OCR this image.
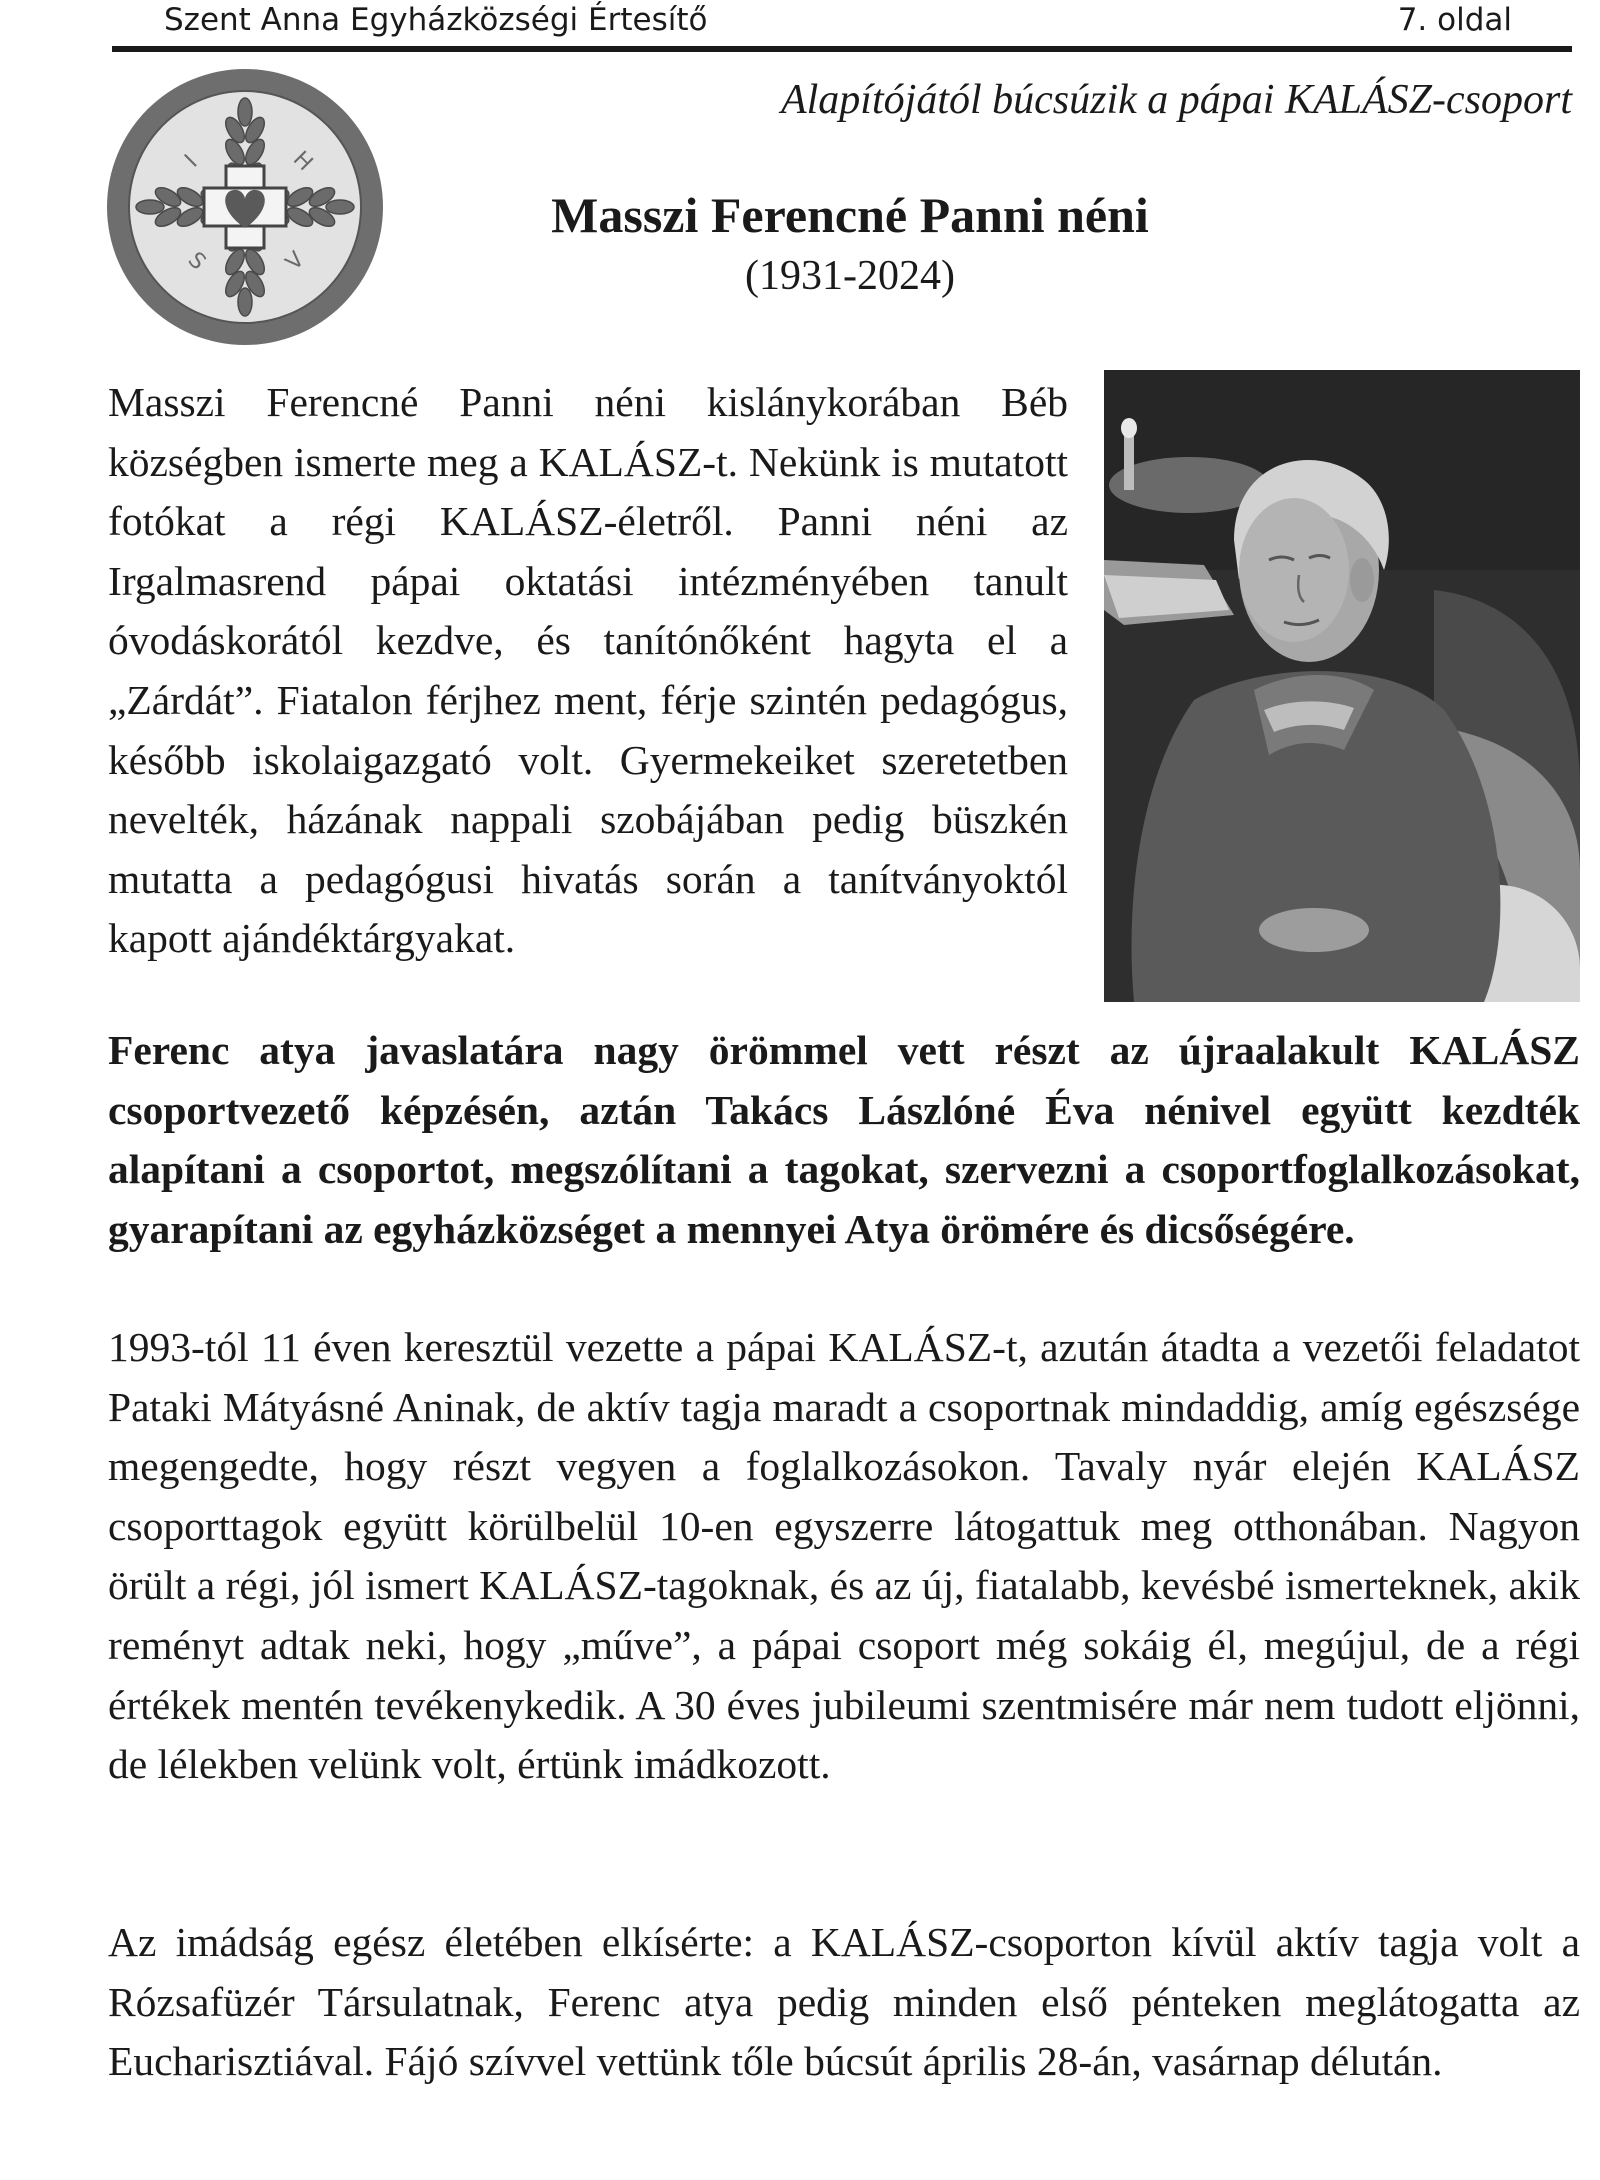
Szent Anna Egyházközségi Értesítő	7. oldal
Alapítójától búcsúzik a pápai KALÁSZ-csoport
I	H
S	V
Masszi Ferencné Panni néni
(1931-2024)

Masszi Ferencné Panni néni kislánykorában Béb községben ismerte meg a KALÁSZ-t. Nekünk is mutatott fotókat a régi KALÁSZ-életről. Panni néni az Irgalmasrend pápai oktatási intézményében tanult óvodáskorától kezdve, és tanítónőként hagyta el a „Zárdát”. Fiatalon férjhez ment, férje szintén pedagógus, később iskolaigazgató volt. Gyermekeiket szeretetben nevelték, házának nappali szobájában pedig büszkén mutatta a pedagógusi hivatás során a tanítványoktól kapott ajándéktárgyakat.

Ferenc atya javaslatára nagy örömmel vett részt az újraalakult KALÁSZ csoportvezető képzésén, aztán Takács Lászlóné Éva nénivel együtt kezdték alapítani a csoportot, megszólítani a tagokat, szervezni a csoportfoglalkozásokat, gyarapítani az egyházközséget a mennyei Atya örömére és dicsőségére.

1993-tól 11 éven keresztül vezette a pápai KALÁSZ-t, azután átadta a vezetői feladatot Pataki Mátyásné Aninak, de aktív tagja maradt a csoportnak mindaddig, amíg egészsége megengedte, hogy részt vegyen a foglalkozásokon. Tavaly nyár elején KALÁSZ csoporttagok együtt körülbelül 10-en egyszerre látogattuk meg otthonában. Nagyon örült a régi, jól ismert KALÁSZ-tagoknak, és az új, fiatalabb, kevésbé ismerteknek, akik reményt adtak neki, hogy „műve”, a pápai csoport még sokáig él, megújul, de a régi értékek mentén tevékenykedik. A 30 éves jubileumi szentmisére már nem tudott eljönni, de lélekben velünk volt, értünk imádkozott.

Az imádság egész életében elkísérte: a KALÁSZ-csoporton kívül aktív tagja volt a Rózsafüzér Társulatnak, Ferenc atya pedig minden első pénteken meglátogatta az Eucharisztiával. Fájó szívvel vettünk tőle búcsút április 28-án, vasárnap délután.
